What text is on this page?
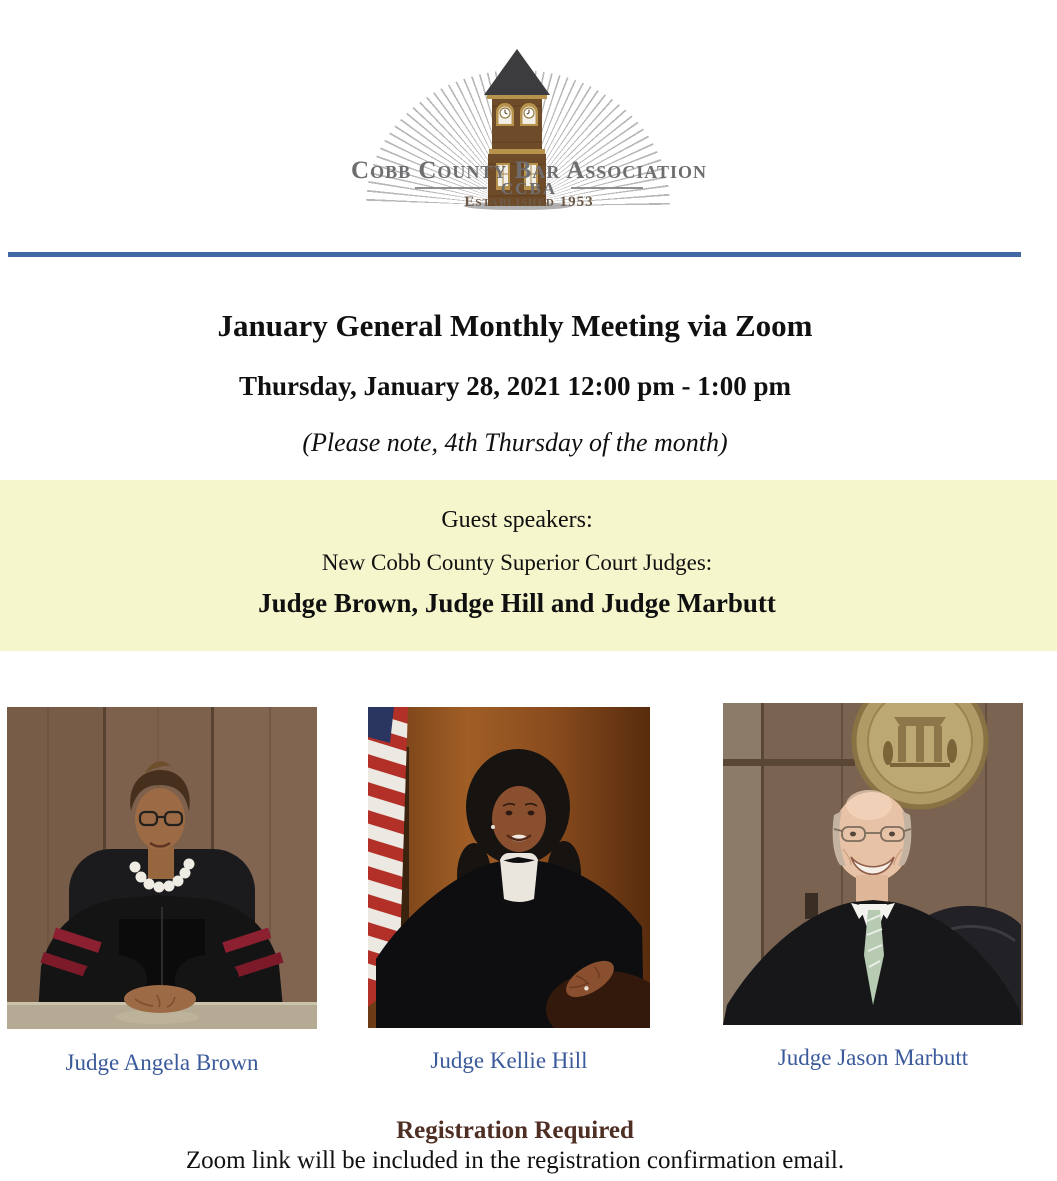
Cobb County Bar Association
CCBA
Established 1953
January General Monthly Meeting via Zoom
Thursday, January 28, 2021 12:00 pm - 1:00 pm
(Please note, 4th Thursday of the month)
Guest speakers:
New Cobb County Superior Court Judges:
Judge Brown, Judge Hill and Judge Marbutt
Judge Angela Brown	Judge Kellie Hill	Judge Jason Marbutt
Registration Required
Zoom link will be included in the registration confirmation email.
